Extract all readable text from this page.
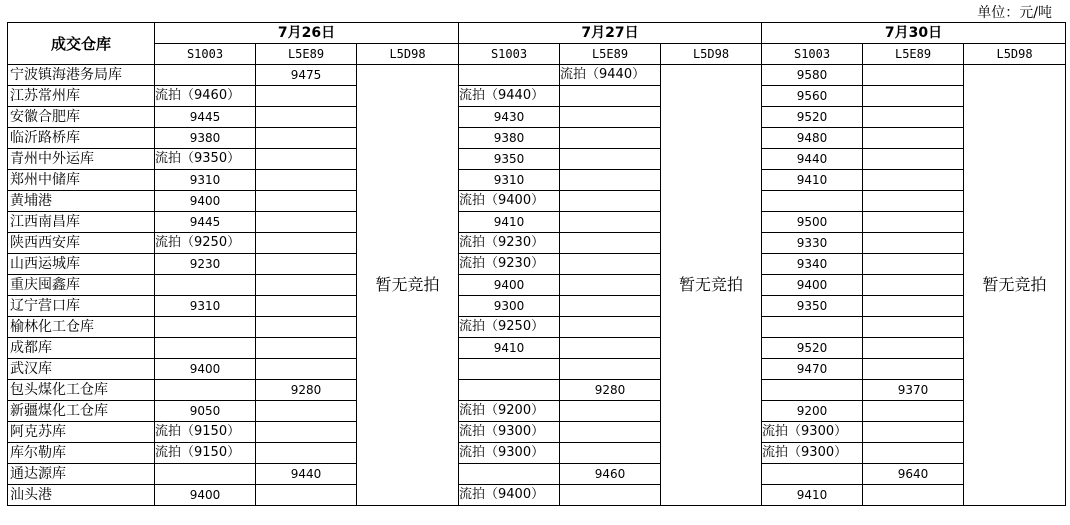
单位：元/吨
成交仓库	7月26日			7月27日			7月30日		
	S1003	L5E89	L5D98	S1003	L5E89	L5D98	S1003	L5E89	L5D98
宁波镇海港务局库		9475	暂无竞拍		流拍（9440）	暂无竞拍	9580		暂无竞拍
江苏常州库	流拍（9460）			流拍（9440）			9560		
安徽合肥库	9445			9430			9520		
临沂路桥库	9380			9380			9480		
青州中外运库	流拍（9350）			9350			9440		
郑州中储库	9310			9310			9410		
黄埔港	9400			流拍（9400）					
江西南昌库	9445			9410			9500		
陕西西安库	流拍（9250）			流拍（9230）			9330		
山西运城库	9230			流拍（9230）			9340		
重庆囤鑫库				9400			9400		
辽宁营口库	9310			9300			9350		
榆林化工仓库				流拍（9250）					
成都库				9410			9520		
武汉库	9400						9470		
包头煤化工仓库		9280			9280			9370	
新疆煤化工仓库	9050			流拍（9200）			9200		
阿克苏库	流拍（9150）			流拍（9300）			流拍（9300）		
库尔勒库	流拍（9150）			流拍（9300）			流拍（9300）		
通达源库		9440			9460			9640	
汕头港	9400			流拍（9400）			9410		
